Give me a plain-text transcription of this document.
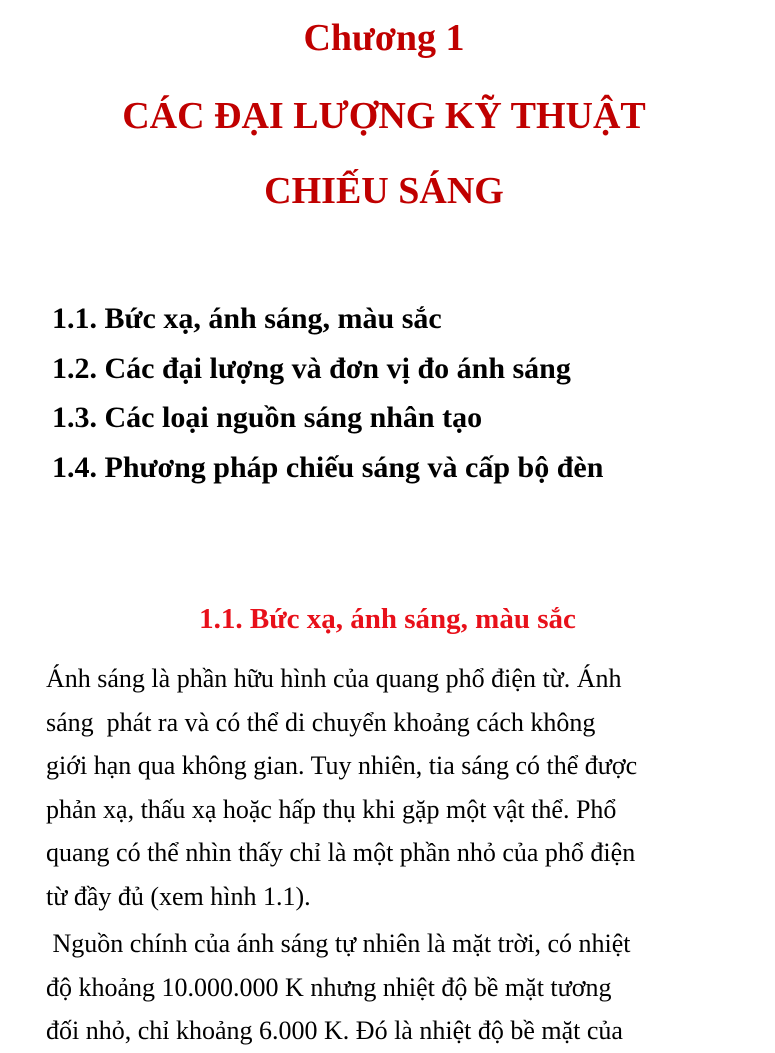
Chương 1
CÁC ĐẠI LƯỢNG KỸ THUẬT
CHIẾU SÁNG
1.1. Bức xạ, ánh sáng, màu sắc
1.2. Các đại lượng và đơn vị đo ánh sáng
1.3. Các loại nguồn sáng nhân tạo
1.4. Phương pháp chiếu sáng và cấp bộ đèn
1.1. Bức xạ, ánh sáng, màu sắc

Ánh sáng là phần hữu hình của quang phổ điện từ. Ánh
sáng  phát ra và có thể di chuyển khoảng cách không
giới hạn qua không gian. Tuy nhiên, tia sáng có thể được
phản xạ, thấu xạ hoặc hấp thụ khi gặp một vật thể. Phổ
quang có thể nhìn thấy chỉ là một phần nhỏ của phổ điện
từ đầy đủ (xem hình 1.1).

Nguồn chính của ánh sáng tự nhiên là mặt trời, có nhiệt
độ khoảng 10.000.000 K nhưng nhiệt độ bề mặt tương
đối nhỏ, chỉ khoảng 6.000 K. Đó là nhiệt độ bề mặt của
